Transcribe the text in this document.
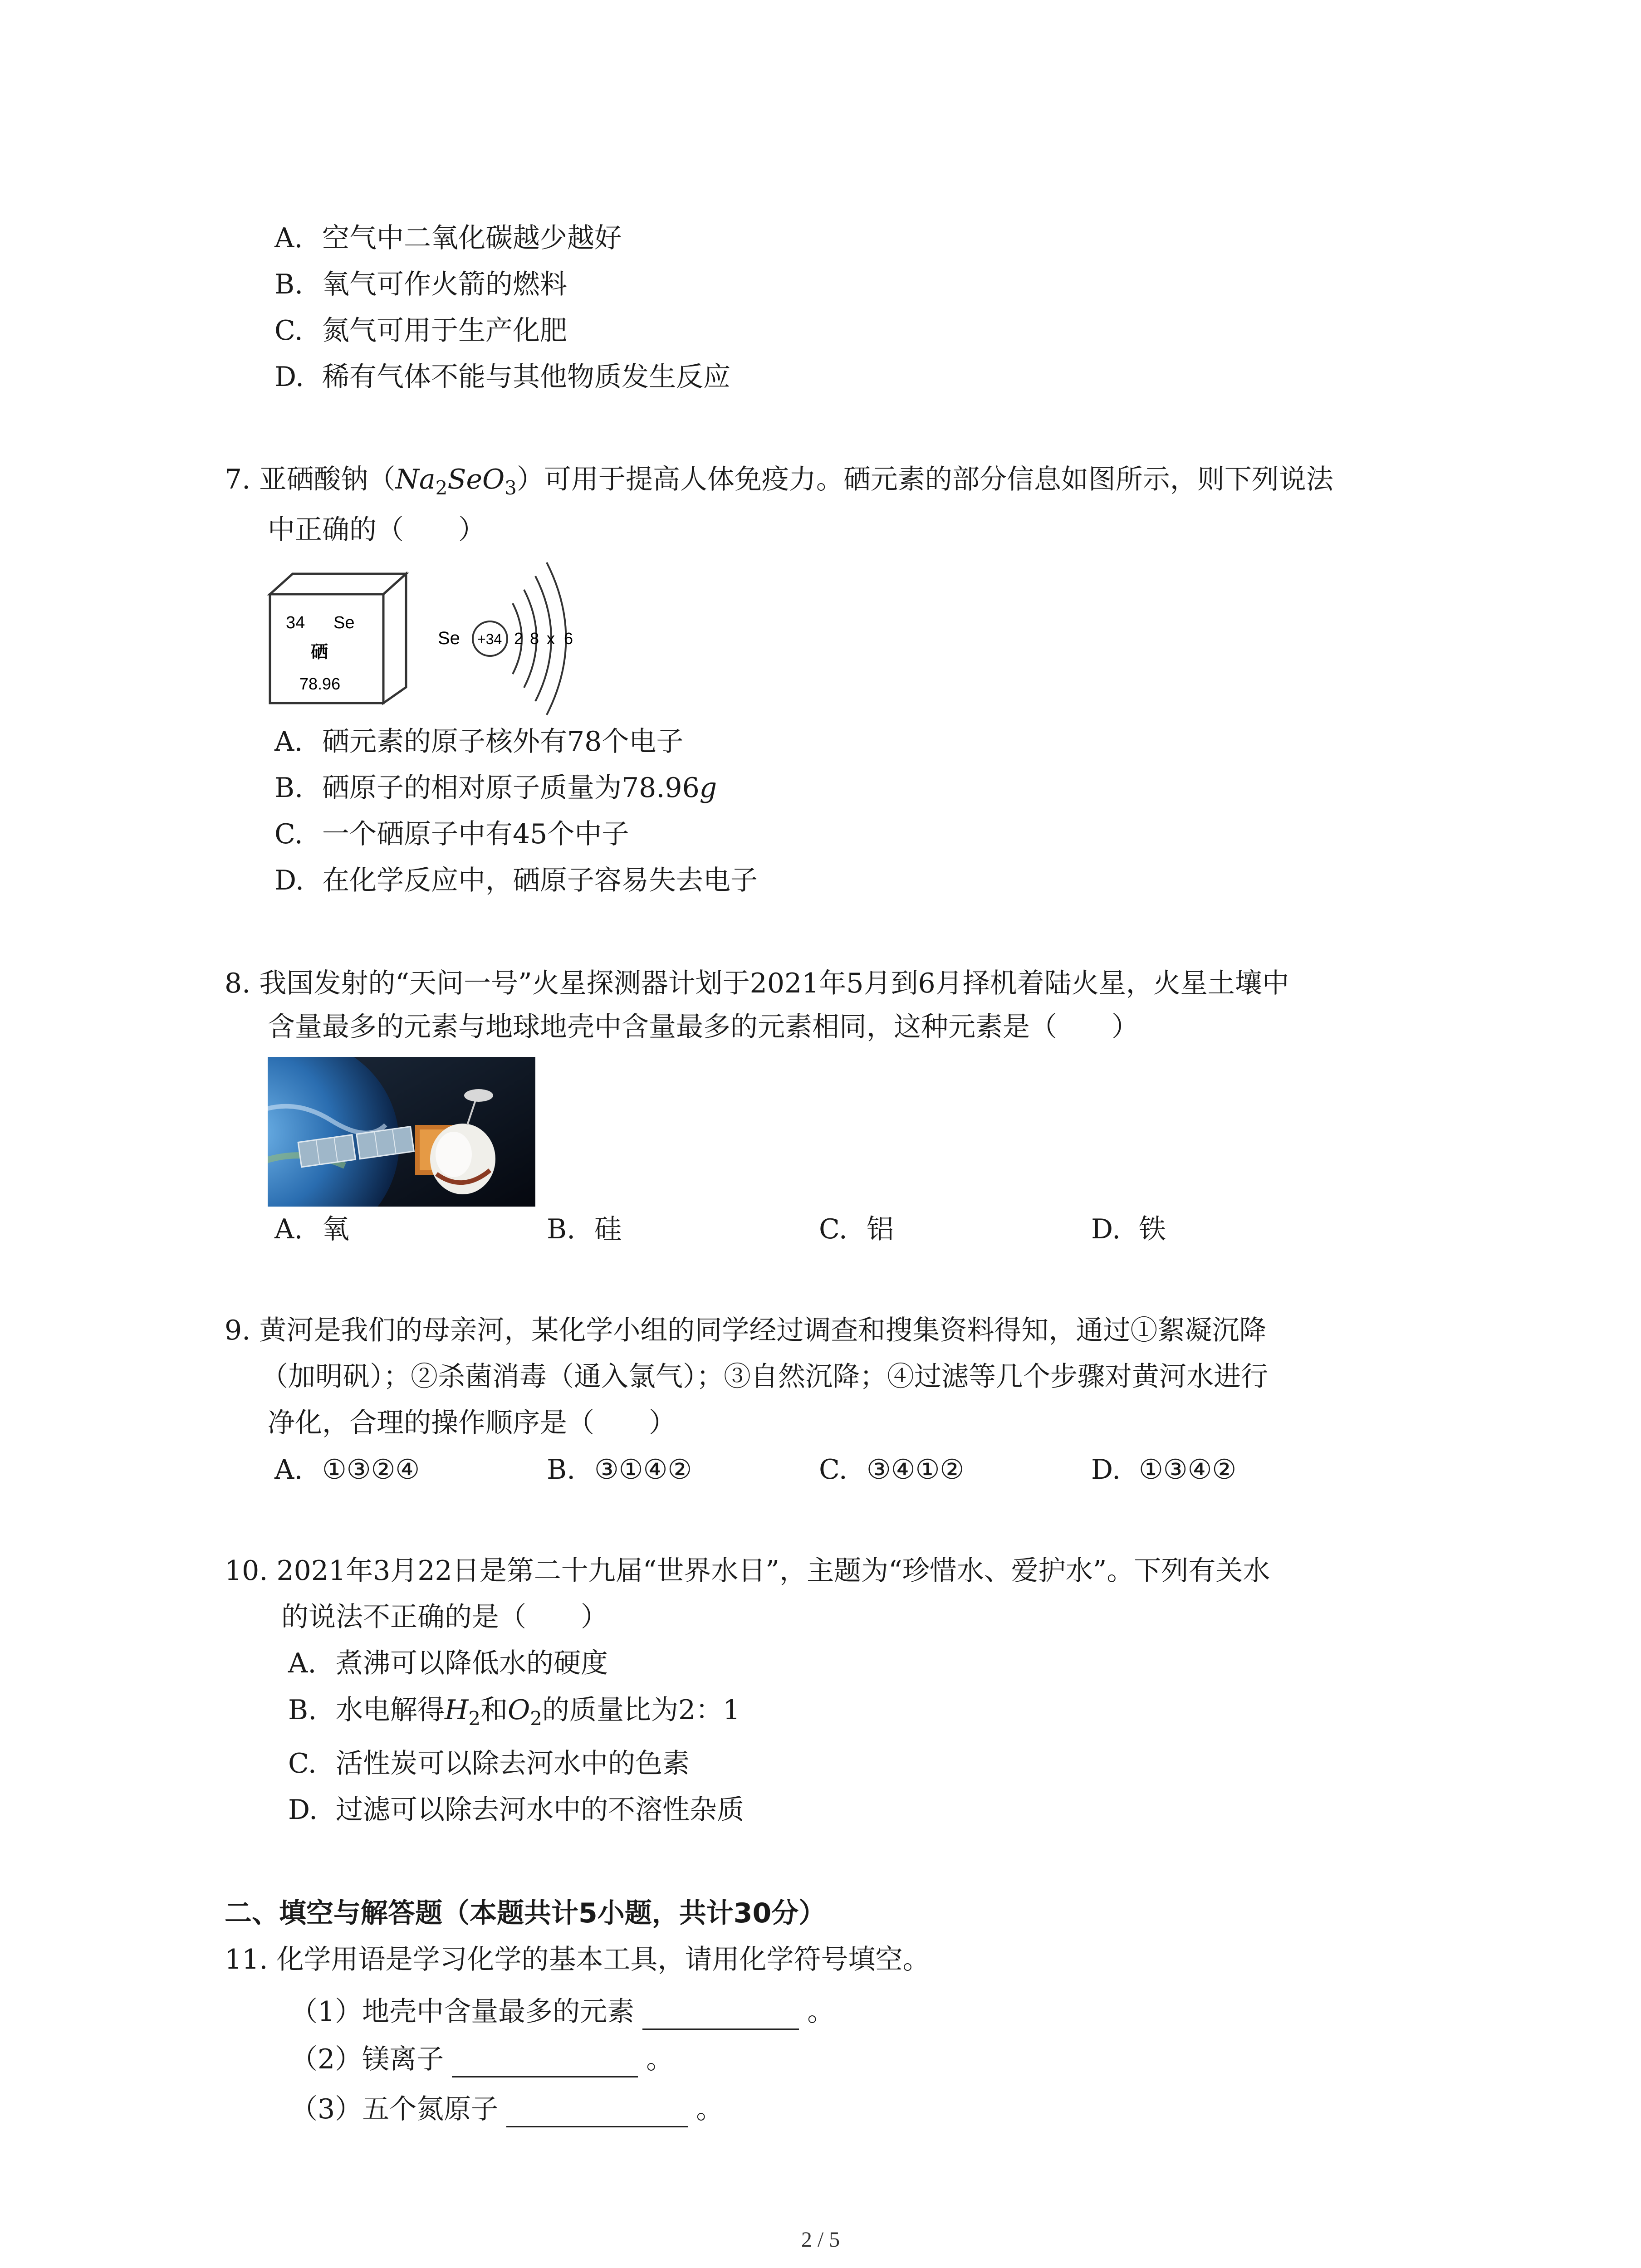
A. 空气中二氧化碳越少越好
B. 氧气可作火箭的燃料
C. 氮气可用于生产化肥
D. 稀有气体不能与其他物质发生反应
7. 亚硒酸钠$(Na_2SeO_3)$可用于提高人体免疫力。硒元素的部分信息如图所示，则下列说法
中正确的（　　）
34 Se
硒
78.96
Se +34 2 8 x 6
A. 硒元素的原子核外有78个电子
B. 硒原子的相对原子质量为78.96g
C. 一个硒原子中有45个中子
D. 在化学反应中，硒原子容易失去电子
8. 我国发射的“天问一号”火星探测器计划于2021年5月到6月择机着陆火星，火星土壤中
含量最多的元素与地球地壳中含量最多的元素相同，这种元素是（　　）
A. 氧	B. 硅	C. 铝	D. 铁
9. 黄河是我们的母亲河，某化学小组的同学经过调查和搜集资料得知，通过①絮凝沉降
（加明矾）；②杀菌消毒（通入氯气）；③自然沉降；④过滤等几个步骤对黄河水进行
净化，合理的操作顺序是（　　）
A. ①③②④	B. ③①④②	C. ③④①②	D. ①③④②
10. 2021年3月22日是第二十九届“世界水日”，主题为“珍惜水、爱护水”。下列有关水
的说法不正确的是（　　）
A. 煮沸可以降低水的硬度
B. 水电解得$H_2$和$O_2$的质量比为2：1
C. 活性炭可以除去河水中的色素
D. 过滤可以除去河水中的不溶性杂质
二、填空与解答题（本题共计5小题，共计30分）
11. 化学用语是学习化学的基本工具，请用化学符号填空。
（1）地壳中含量最多的元素	。
（2）镁离子	。
（3）五个氮原子	。
2 / 5
